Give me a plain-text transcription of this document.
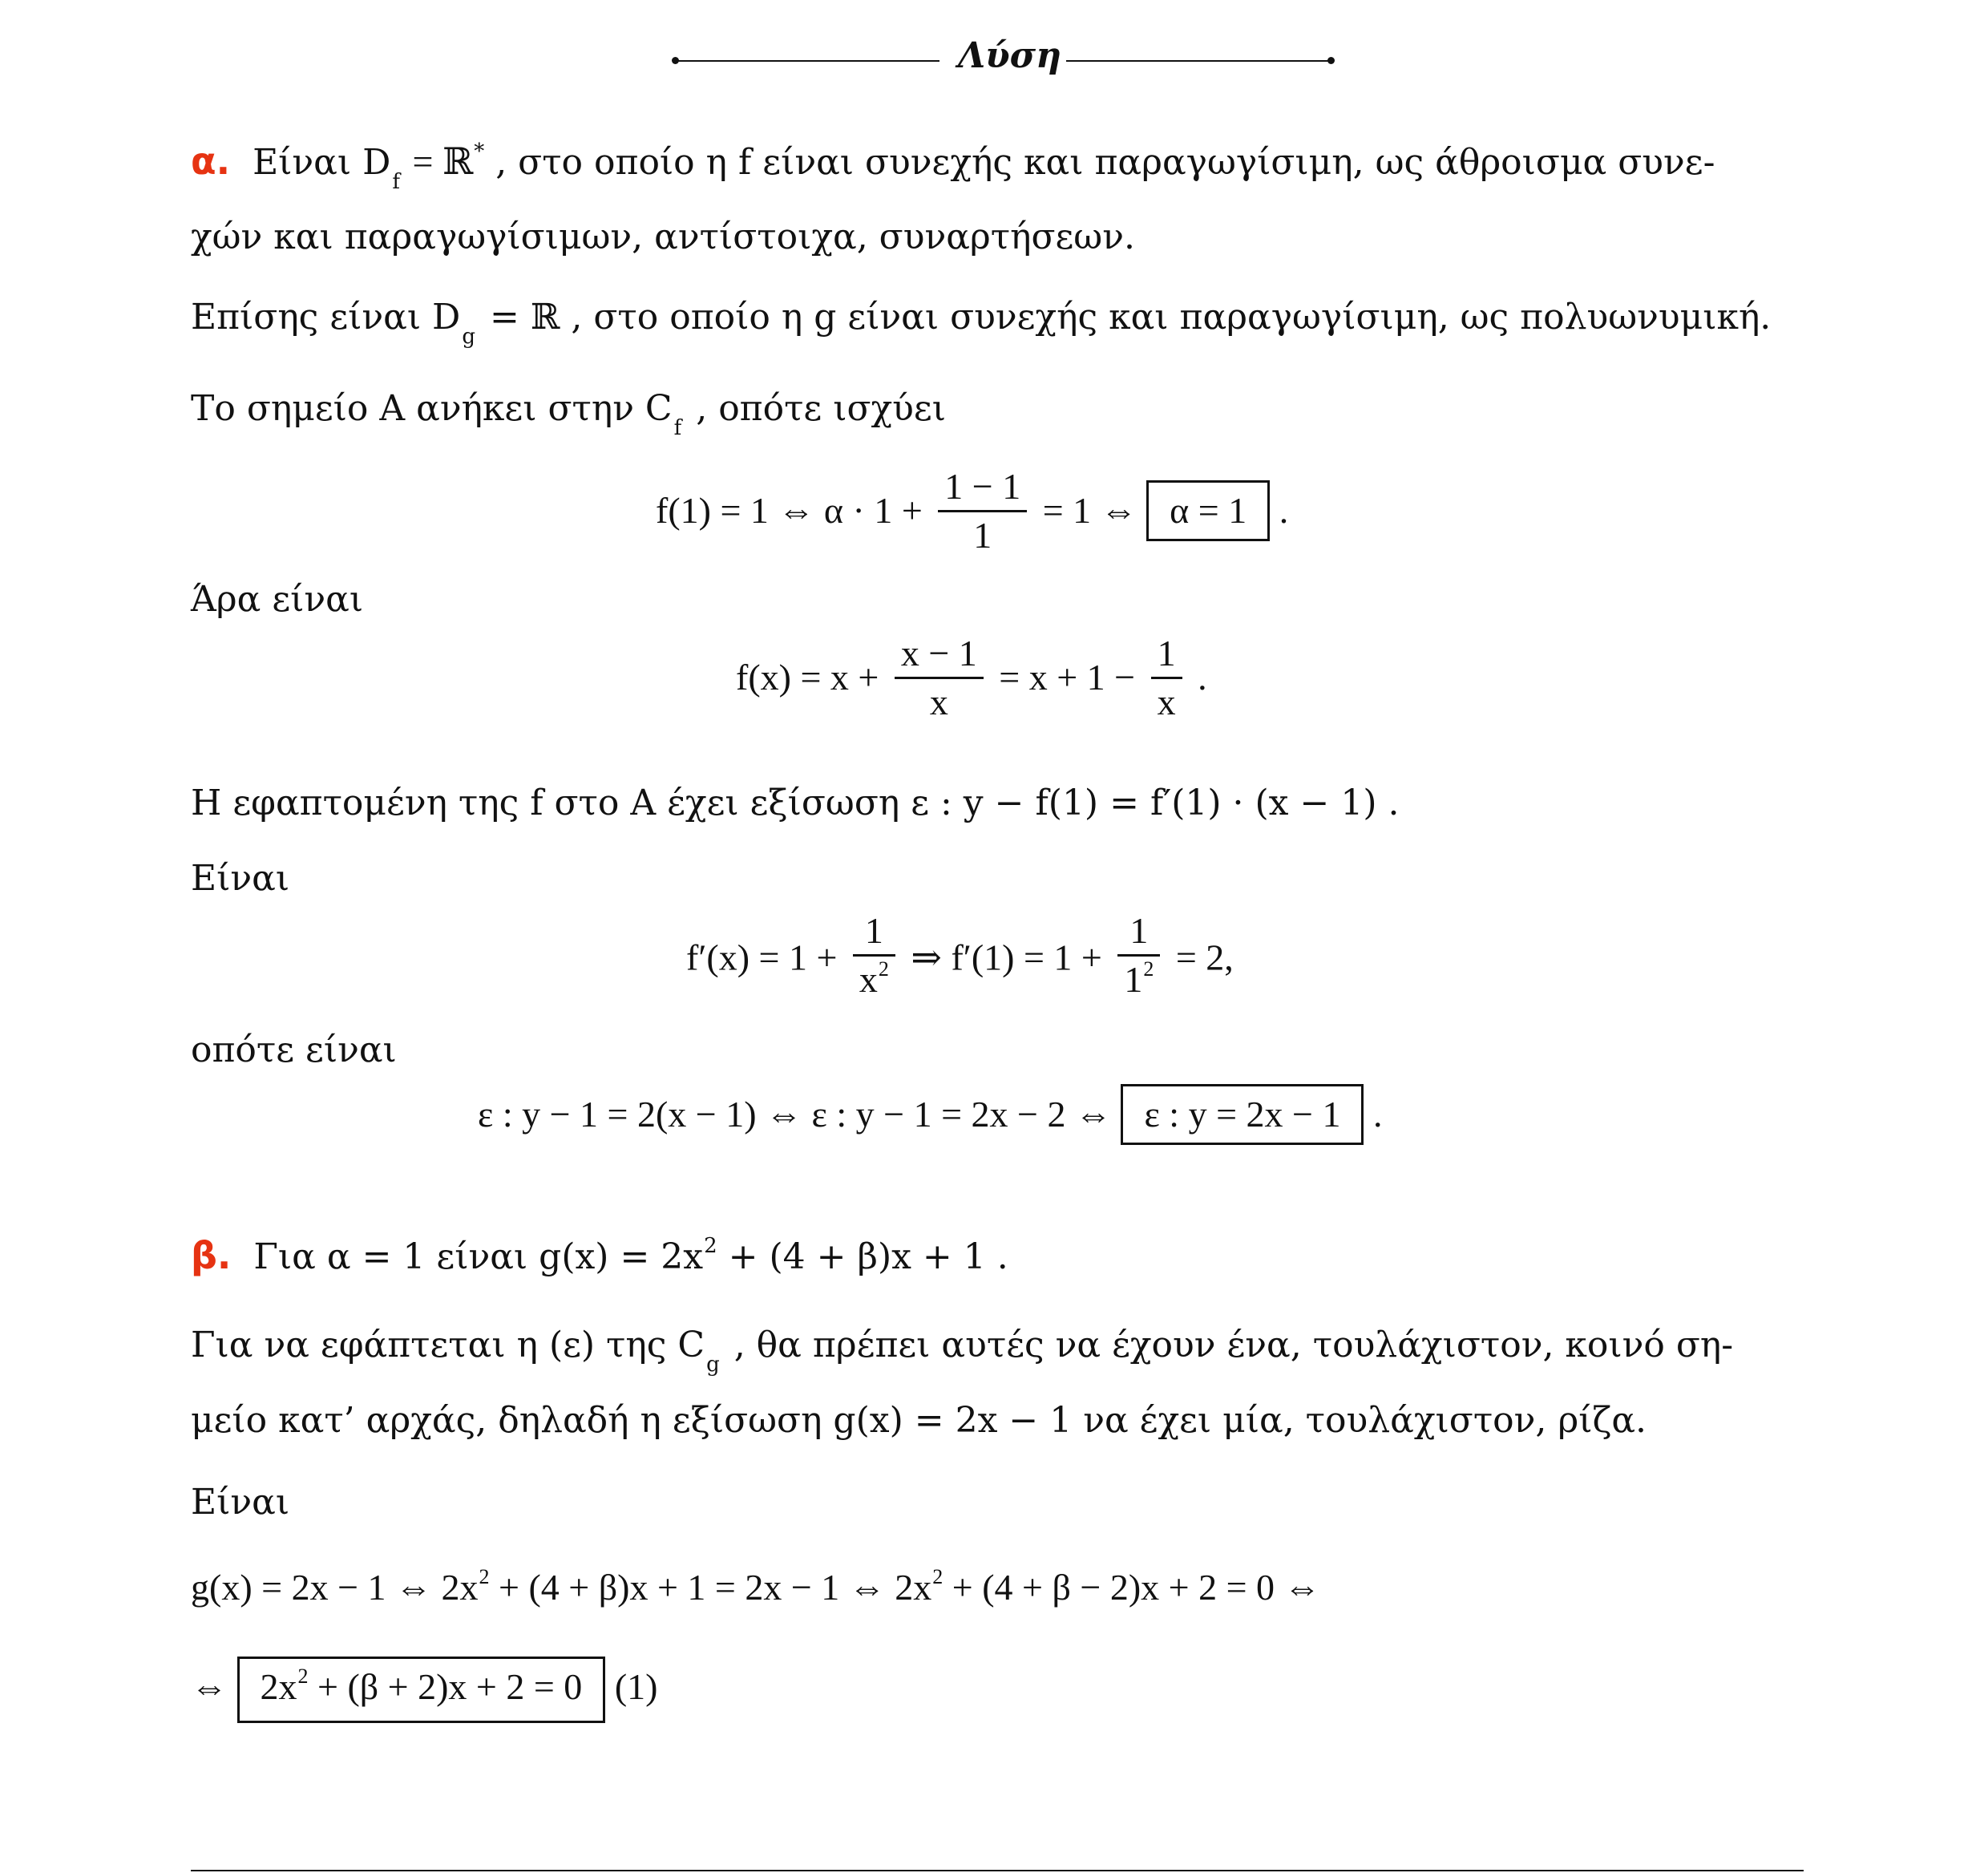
Λύση
α. Είναι $D_f$ = ℝ* , στο οποίο η f είναι συνεχής και παραγωγίσιμη, ως άθροισμα συνε-
χών και παραγωγίσιμων, αντίστοιχα, συναρτήσεων.
Επίσης είναι $D_g$ = ℝ , στο οποίο η g είναι συνεχής και παραγωγίσιμη, ως πολυωνυμική.
Το σημείο Α ανήκει στην $C_f$ , οπότε ισχύει
f(1) = 1 ⇔ $\alpha \cdot 1 + \frac{1 - 1}{1} = 1$ ⇔ α = 1 .
Άρα είναι
$f(x) = x + \frac{x - 1}{x} = x + 1 - \frac{1}{x}$ .
Η εφαπτομένη της f στο Α έχει εξίσωση ε : y − f(1) = f′(1) · (x − 1) .
Είναι
$f'(x) = 1 + \frac{1}{x^2}$ ⇒ $f'(1) = 1 + \frac{1}{1^2} = 2$,
οπότε είναι
ε : y − 1 = 2(x − 1) ⇔ ε : y − 1 = 2x − 2 ⇔ ε : y = 2x − 1 .
β. Για α = 1 είναι $g(x) = 2x^2 + (4 + \beta)x + 1$ .
Για να εφάπτεται η (ε) της $C_g$ , θα πρέπει αυτές να έχουν ένα, τουλάχιστον, κοινό ση-
μείο κατ’ αρχάς, δηλαδή η εξίσωση g(x) = 2x − 1 να έχει μία, τουλάχιστον, ρίζα.
Είναι
g(x) = 2x − 1 ⇔ $2x^2 + (4 + \beta)x + 1 = 2x - 1$ ⇔ $2x^2 + (4 + \beta - 2)x + 2 = 0$ ⇔
⇔ $2x^2 + (\beta + 2)x + 2 = 0$ (1)
